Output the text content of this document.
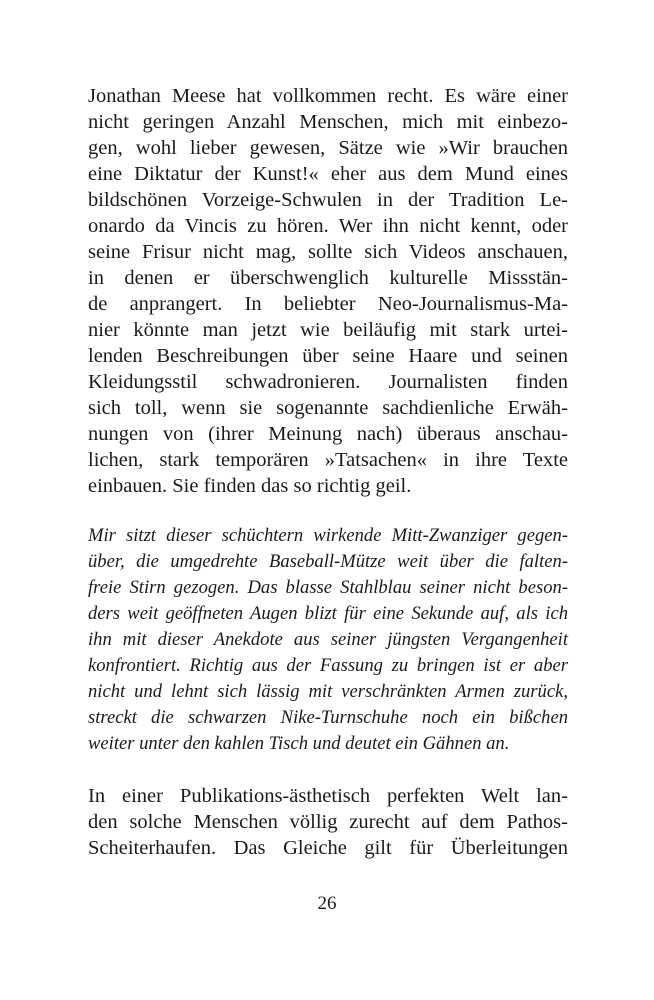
Jonathan Meese hat vollkommen recht. Es wäre einer
nicht geringen Anzahl Menschen, mich mit einbezo-
gen, wohl lieber gewesen, Sätze wie »Wir brauchen
eine Diktatur der Kunst!« eher aus dem Mund eines
bildschönen Vorzeige-Schwulen in der Tradition Le-
onardo da Vincis zu hören. Wer ihn nicht kennt, oder
seine Frisur nicht mag, sollte sich Videos anschauen,
in denen er überschwenglich kulturelle Missstän-
de anprangert. In beliebter Neo-Journalismus-Ma-
nier könnte man jetzt wie beiläufig mit stark urtei-
lenden Beschreibungen über seine Haare und seinen
Kleidungsstil schwadronieren. Journalisten finden
sich toll, wenn sie sogenannte sachdienliche Erwäh-
nungen von (ihrer Meinung nach) überaus anschau-
lichen, stark temporären »Tatsachen« in ihre Texte
einbauen. Sie finden das so richtig geil.
Mir sitzt dieser schüchtern wirkende Mitt-Zwanziger gegen-
über, die umgedrehte Baseball-Mütze weit über die falten-
freie Stirn gezogen. Das blasse Stahlblau seiner nicht beson-
ders weit geöffneten Augen blizt für eine Sekunde auf, als ich
ihn mit dieser Anekdote aus seiner jüngsten Vergangenheit
konfrontiert. Richtig aus der Fassung zu bringen ist er aber
nicht und lehnt sich lässig mit verschränkten Armen zurück,
streckt die schwarzen Nike-Turnschuhe noch ein bißchen
weiter unter den kahlen Tisch und deutet ein Gähnen an.
In einer Publikations-ästhetisch perfekten Welt lan-
den solche Menschen völlig zurecht auf dem Pathos-
Scheiterhaufen. Das Gleiche gilt für Überleitungen
26
